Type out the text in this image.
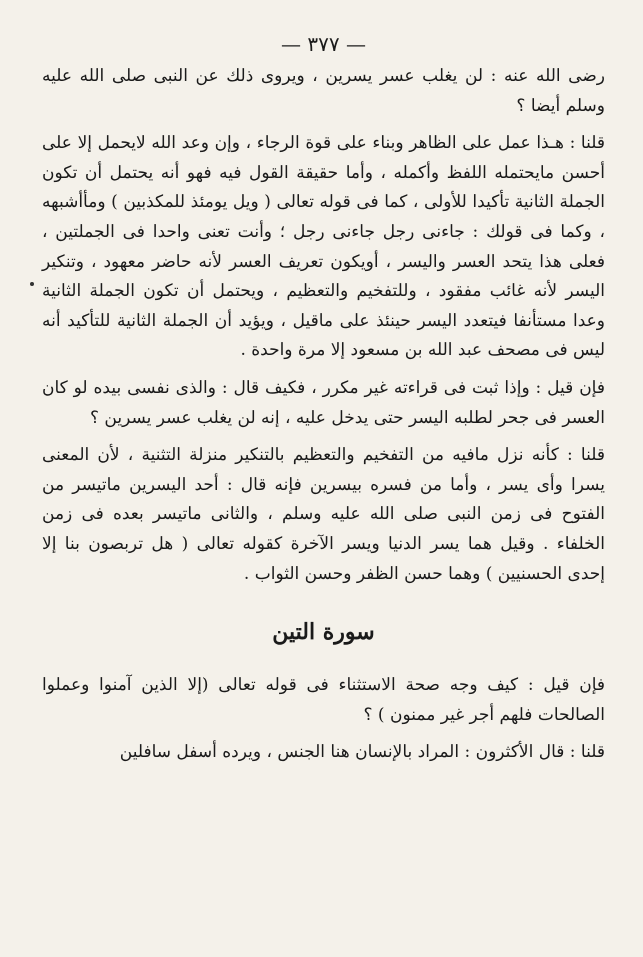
— ٣٧٧ —

رضى الله عنه : لن يغلب عسر يسرين ، ويروى ذلك عن النبى صلى الله عليه وسلم أيضا ؟

قلنا : هـذا عمل على الظاهر وبناء على قوة الرجاء ، وإن وعد الله لايحمل إلا على أحسن مايحتمله اللفظ وأكمله ، وأما حقيقة القول فيه فهو أنه يحتمل أن تكون الجملة الثانية تأكيدا للأولى ، كما فى قوله تعالى ( ويل يومئذ للمكذبين ) ومأأشبهه ، وكما فى قولك : جاءنى رجل جاءنى رجل ؛ وأنت تعنى واحدا فى الجملتين ، فعلى هذا يتحد العسر واليسر ، أويكون تعريف العسر لأنه حاضر معهود ، وتنكير اليسر لأنه غائب مفقود ، وللتفخيم والتعظيم ، ويحتمل أن تكون الجملة الثانية وعدا مستأنفا فيتعدد اليسر حينئذ على ماقيل ، ويؤيد أن الجملة الثانية للتأكيد أنه ليس فى مصحف عبد الله بن مسعود إلا مرة واحدة .

فإن قيل : وإذا ثبت فى قراءته غير مكرر ، فكيف قال : والذى نفسى بيده لو كان العسر فى جحر لطلبه اليسر حتى يدخل عليه ، إنه لن يغلب عسر يسرين ؟

قلنا : كأنه نزل مافيه من التفخيم والتعظيم بالتنكير منزلة التثنية ، لأن المعنى يسرا وأى يسر ، وأما من فسره بيسرين فإنه قال : أحد اليسرين ماتيسر من الفتوح فى زمن النبى صلى الله عليه وسلم ، والثانى ماتيسر بعده فى زمن الخلفاء . وقيل هما يسر الدنيا ويسر الآخرة كقوله تعالى ( هل تربصون بنا إلا إحدى الحسنيين ) وهما حسن الظفر وحسن الثواب .

سورة التين

فإن قيل : كيف وجه صحة الاستثناء فى قوله تعالى (إلا الذين آمنوا وعملوا الصالحات فلهم أجر غير ممنون ) ؟

قلنا : قال الأكثرون : المراد بالإنسان هنا الجنس ، ويرده أسفل سافلين
